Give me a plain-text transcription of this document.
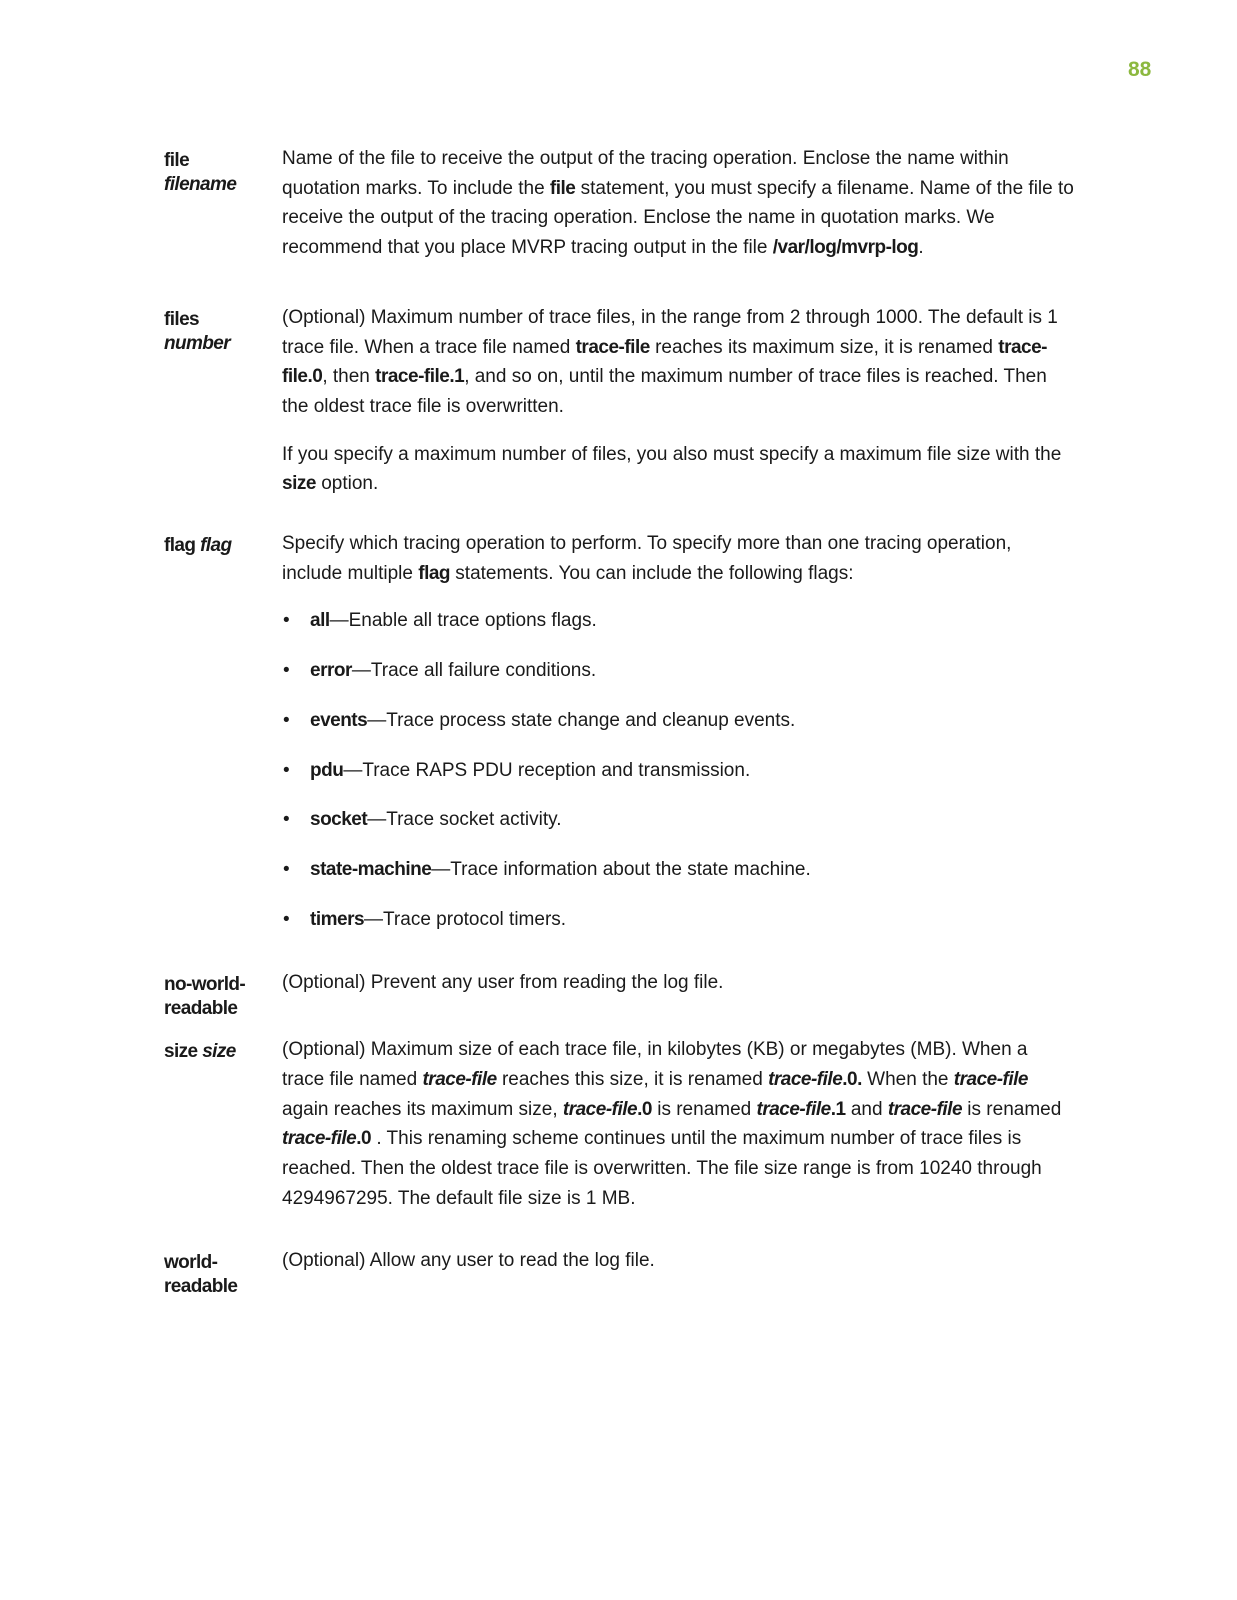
88
file
filename

Name of the file to receive the output of the tracing operation. Enclose the name within quotation marks. To include the file statement, you must specify a filename. Name of the file to receive the output of the tracing operation. Enclose the name in quotation marks. We recommend that you place MVRP tracing output in the file /var/log/mvrp-log.

files
number

(Optional) Maximum number of trace files, in the range from 2 through 1000. The default is 1 trace file. When a trace file named trace-file reaches its maximum size, it is renamed trace-file.0, then trace-file.1, and so on, until the maximum number of trace files is reached. Then the oldest trace file is overwritten.

If you specify a maximum number of files, you also must specify a maximum file size with the size option.

flag flag	Specify which tracing operation to perform. To specify more than one tracing operation, include multiple flag statements. You can include the following flags:

• all—Enable all trace options flags.
• error—Trace all failure conditions.
• events—Trace process state change and cleanup events.
• pdu—Trace RAPS PDU reception and transmission.
• socket—Trace socket activity.
• state-machine—Trace information about the state machine.
• timers—Trace protocol timers.
no-world-
readable
(Optional) Prevent any user from reading the log file.
size size	(Optional) Maximum size of each trace file, in kilobytes (KB) or megabytes (MB). When a trace file named trace-file reaches this size, it is renamed trace-file.0. When the trace-file again reaches its maximum size, trace-file.0 is renamed trace-file.1 and trace-file is renamed trace-file.0 . This renaming scheme continues until the maximum number of trace files is reached. Then the oldest trace file is overwritten. The file size range is from 10240 through 4294967295. The default file size is 1 MB.

world-
readable
(Optional) Allow any user to read the log file.
